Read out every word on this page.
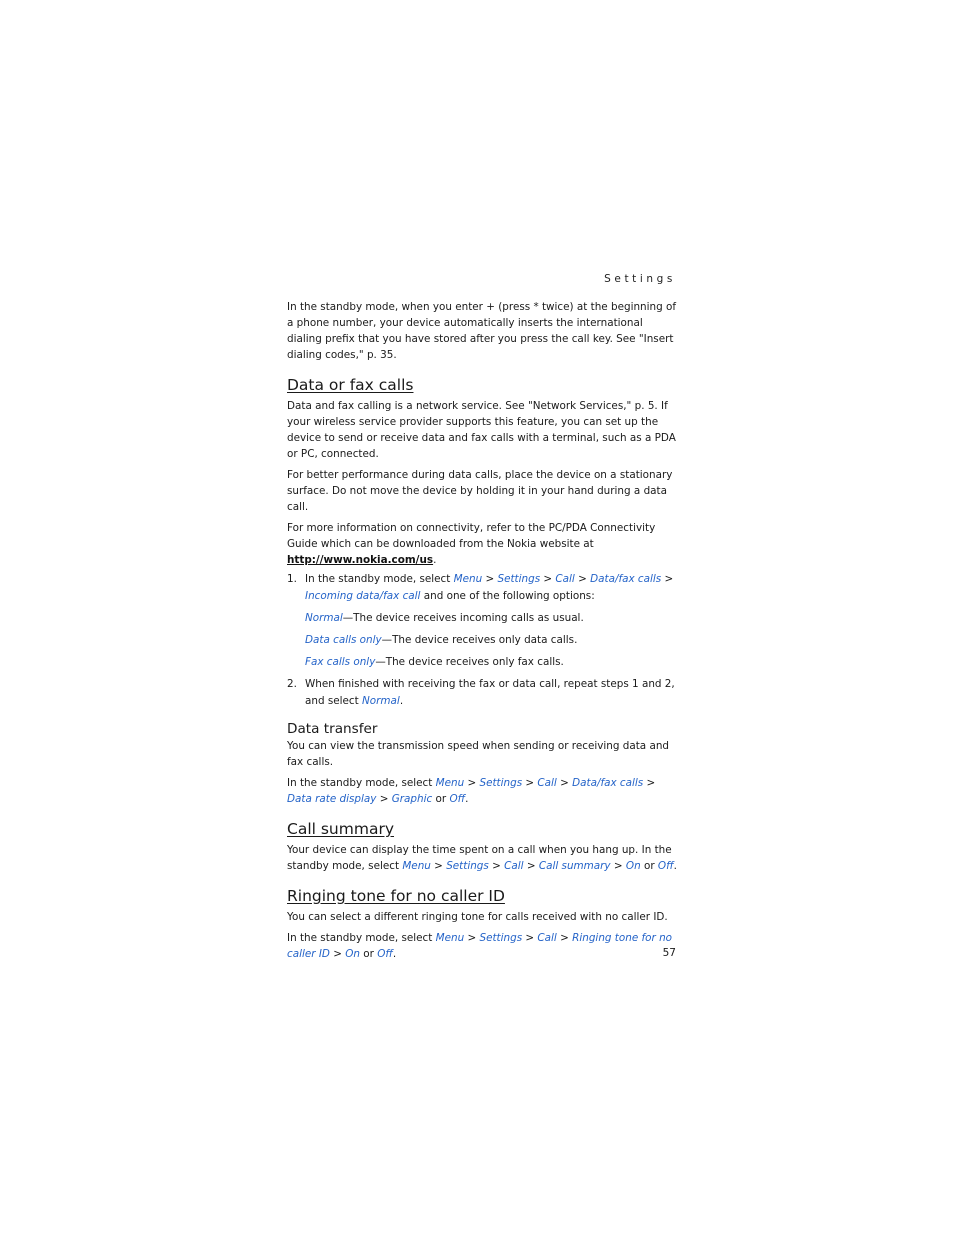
Settings

In the standby mode, when you enter + (press * twice) at the beginning of a phone number, your device automatically inserts the international dialing prefix that you have stored after you press the call key. See "Insert dialing codes," p. 35.

Data or fax calls

Data and fax calling is a network service. See "Network Services," p. 5. If your wireless service provider supports this feature, you can set up the device to send or receive data and fax calls with a terminal, such as a PDA or PC, connected.

For better performance during data calls, place the device on a stationary surface. Do not move the device by holding it in your hand during a data call.

For more information on connectivity, refer to the PC/PDA Connectivity Guide which can be downloaded from the Nokia website at http://www.nokia.com/us.

1. In the standby mode, select Menu > Settings > Call > Data/fax calls > Incoming data/fax call and one of the following options:
Normal—The device receives incoming calls as usual.
Data calls only—The device receives only data calls.
Fax calls only—The device receives only fax calls.
2. When finished with receiving the fax or data call, repeat steps 1 and 2, and select Normal.
Data transfer

You can view the transmission speed when sending or receiving data and fax calls.

In the standby mode, select Menu > Settings > Call > Data/fax calls > Data rate display > Graphic or Off.

Call summary

Your device can display the time spent on a call when you hang up. In the standby mode, select Menu > Settings > Call > Call summary > On or Off.

Ringing tone for no caller ID

You can select a different ringing tone for calls received with no caller ID.

In the standby mode, select Menu > Settings > Call > Ringing tone for no caller ID > On or Off.	57
